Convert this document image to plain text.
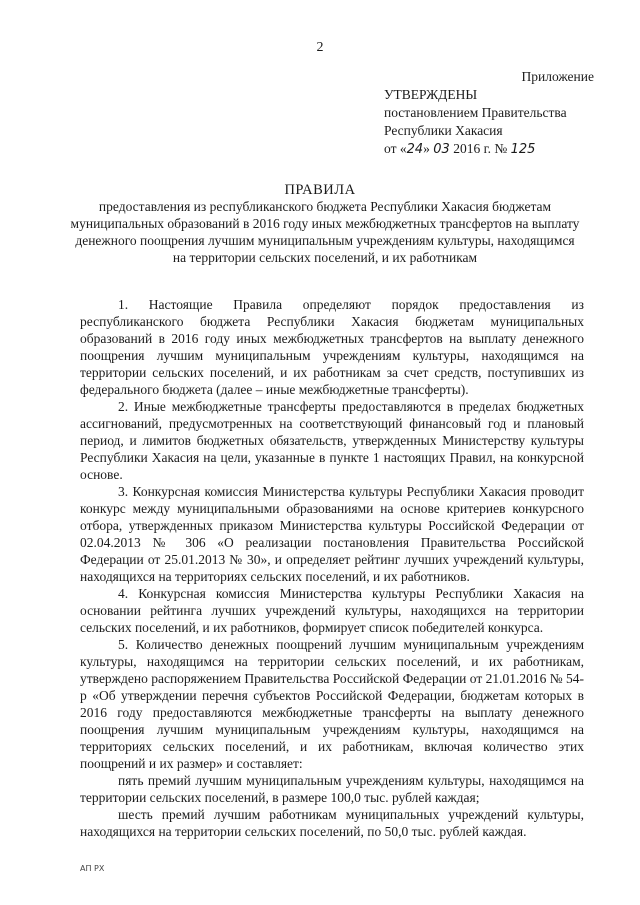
2
Приложение
УТВЕРЖДЕНЫ
постановлением Правительства
Республики Хакасия
от «24» 03 2016 г. № 125
ПРАВИЛА
предоставления из республиканского бюджета Республики Хакасия бюджетам муниципальных образований в 2016 году иных межбюджетных трансфертов на выплату денежного поощрения лучшим муниципальным учреждениям культуры, находящимся на территории сельских поселений, и их работникам

1. Настоящие Правила определяют порядок предоставления из республиканского бюджета Республики Хакасия бюджетам муниципальных образований в 2016 году иных межбюджетных трансфертов на выплату денежного поощрения лучшим муниципальным учреждениям культуры, находящимся на территории сельских поселений, и их работникам за счет средств, поступивших из федерального бюджета (далее – иные межбюджетные трансферты).

2. Иные межбюджетные трансферты предоставляются в пределах бюджетных ассигнований, предусмотренных на соответствующий финансовый год и плановый период, и лимитов бюджетных обязательств, утвержденных Министерству культуры Республики Хакасия на цели, указанные в пункте 1 настоящих Правил, на конкурсной основе.

3. Конкурсная комиссия Министерства культуры Республики Хакасия проводит конкурс между муниципальными образованиями на основе критериев конкурсного отбора, утвержденных приказом Министерства культуры Российской Федерации от 02.04.2013 № 306 «О реализации постановления Правительства Российской Федерации от 25.01.2013 № 30», и определяет рейтинг лучших учреждений культуры, находящихся на территориях сельских поселений, и их работников.

4. Конкурсная комиссия Министерства культуры Республики Хакасия на основании рейтинга лучших учреждений культуры, находящихся на территории сельских поселений, и их работников, формирует список победителей конкурса.

5. Количество денежных поощрений лучшим муниципальным учреждениям культуры, находящимся на территории сельских поселений, и их работникам, утверждено распоряжением Правительства Российской Федерации от 21.01.2016 № 54-р «Об утверждении перечня субъектов Российской Федерации, бюджетам которых в 2016 году предоставляются межбюджетные трансферты на выплату денежного поощрения лучшим муниципальным учреждениям культуры, находящимся на территориях сельских поселений, и их работникам, включая количество этих поощрений и их размер» и составляет:

пять премий лучшим муниципальным учреждениям культуры, находящимся на территории сельских поселений, в размере 100,0 тыс. рублей каждая;

шесть премий лучшим работникам муниципальных учреждений культуры, находящихся на территории сельских поселений, по 50,0 тыс. рублей каждая.

АП РХ
